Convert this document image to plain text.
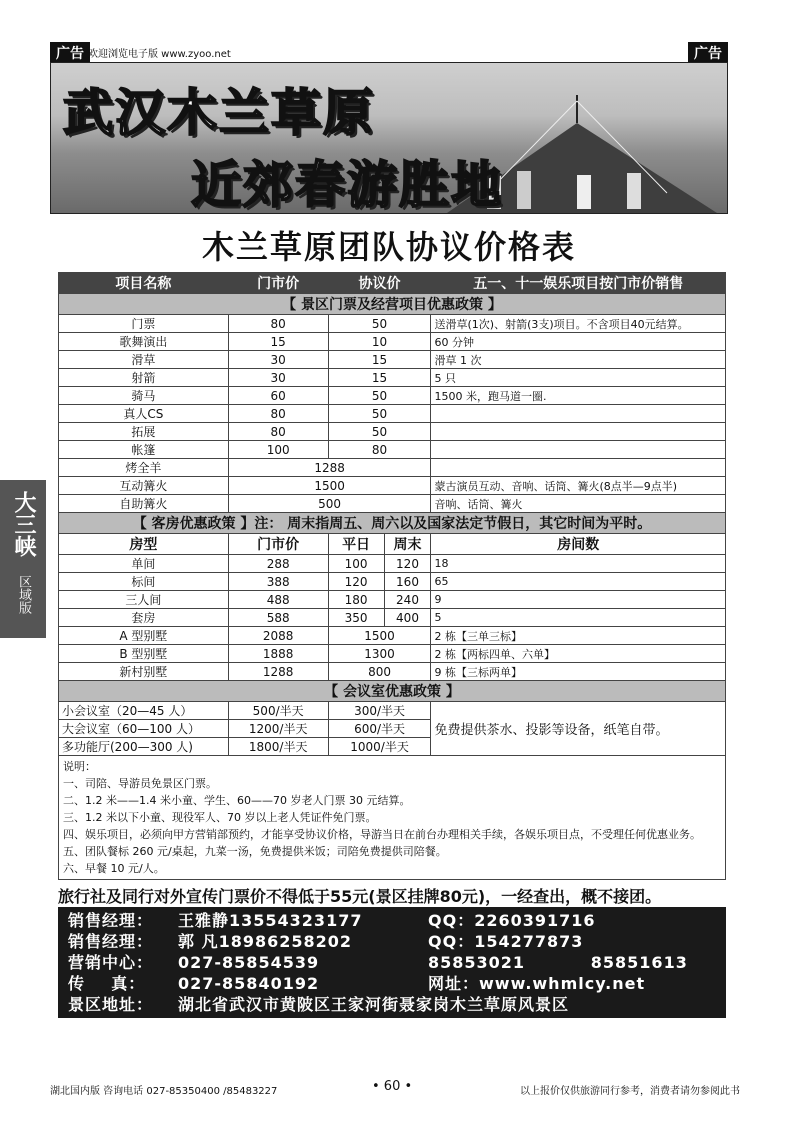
大三峡
区域版
广告 欢迎浏览电子版 www.zyoo.net	广告
武汉木兰草原
近郊春游胜地
木兰草原团队协议价格表
项目名称	门市价	协议价		五一、十一娱乐项目按门市价销售
【 景区门票及经营项目优惠政策 】				
门票	80	50		送滑草(1次)、射箭(3支)项目。不含项目40元结算。
歌舞演出	15	10		60 分钟
滑草	30	15		滑草 1 次
射箭	30	15		5 只
骑马	60	50		1500 米，跑马道一圈.
真人CS	80	50		
拓展	80	50		
帐篷	100	80		
烤全羊	1288			
互动篝火	1500			蒙古演员互动、音响、话筒、篝火(8点半—9点半)
自助篝火	500			音响、话筒、篝火
【 客房优惠政策 】注： 周末指周五、周六以及国家法定节假日，其它时间为平时。				
房型	门市价	平日	周末	房间数
单间	288	100	120	18
标间	388	120	160	65
三人间	488	180	240	9
套房	588	350	400	5
A 型别墅	2088	1500		2 栋【三单三标】
B 型别墅	1888	1300		2 栋【两标四单、六单】
新村别墅	1288	800		9 栋【三标两单】
【 会议室优惠政策 】				
小会议室（20—45 人）	500/半天	300/半天		免费提供茶水、投影等设备，纸笔自带。
大会议室（60—100 人）	1200/半天	600/半天		
多功能厅(200—300 人)	1800/半天	1000/半天		
说明：
一、司陪、导游员免景区门票。
二、1.2 米——1.4 米小童、学生、60——70 岁老人门票 30 元结算。
三、1.2 米以下小童、现役军人、70 岁以上老人凭证件免门票。
四、娱乐项目，必须向甲方营销部预约，才能享受协议价格，导游当日在前台办理相关手续，各娱乐项目点，不受理任何优惠业务。
五、团队餐标 260 元/桌起，九菜一汤，免费提供米饭；司陪免费提供司陪餐。
六、早餐 10 元/人。
旅行社及同行对外宣传门票价不得低于55元(景区挂牌80元)，一经查出，概不接团。
销售经理： 王雅静13554323177	QQ：2260391716
销售经理： 郭 凡18986258202	QQ：154277873
营销中心： 027-85854539	85853021          85851613
传    真： 027-85840192	网址：www.whmlcy.net
景区地址： 湖北省武汉市黄陂区王家河街聂家岗木兰草原风景区
湖北国内版 咨询电话 027-85350400 /85483227	• 60 •	以上报价仅供旅游同行参考，消费者请勿参阅此书
